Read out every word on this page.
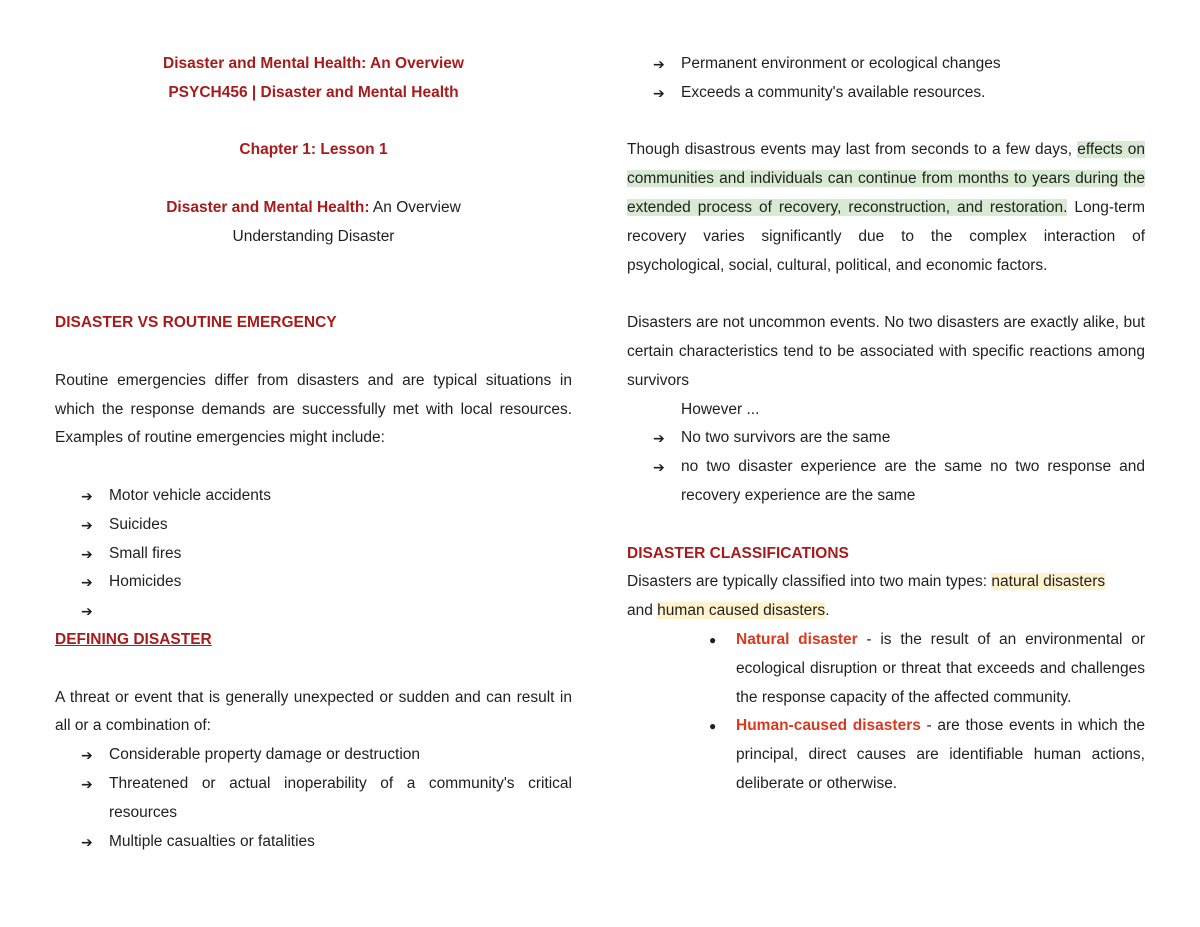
Disaster and Mental Health: An Overview
PSYCH456 | Disaster and Mental Health
Chapter 1: Lesson 1
Disaster and Mental Health: An Overview
Understanding Disaster
DISASTER VS ROUTINE EMERGENCY
Routine emergencies differ from disasters and are typical situations in which the response demands are successfully met with local resources. Examples of routine emergencies might include:
➔ Motor vehicle accidents
➔ Suicides
➔ Small fires
➔ Homicides
➔

DEFINING DISASTER
A threat or event that is generally unexpected or sudden and can result in all or a combination of:
➔ Considerable property damage or destruction
➔ Threatened or actual inoperability of a community's critical resources
➔ Multiple casualties or fatalities
➔ Permanent environment or ecological changes
➔ Exceeds a community's available resources.
Though disastrous events may last from seconds to a few days, effects on communities and individuals can continue from months to years during the extended process of recovery, reconstruction, and restoration. Long-term recovery varies significantly due to the complex interaction of psychological, social, cultural, political, and economic factors.
Disasters are not uncommon events. No two disasters are exactly alike, but certain characteristics tend to be associated with specific reactions among survivors
However ...
➔ No two survivors are the same
➔ no two disaster experience are the same no two response and recovery experience are the same
DISASTER CLASSIFICATIONS
Disasters are typically classified into two main types: natural disasters
and human caused disasters.
● Natural disaster - is the result of an environmental or ecological disruption or threat that exceeds and challenges the response capacity of the affected community.
● Human-caused disasters - are those events in which the principal, direct causes are identifiable human actions, deliberate or otherwise.
